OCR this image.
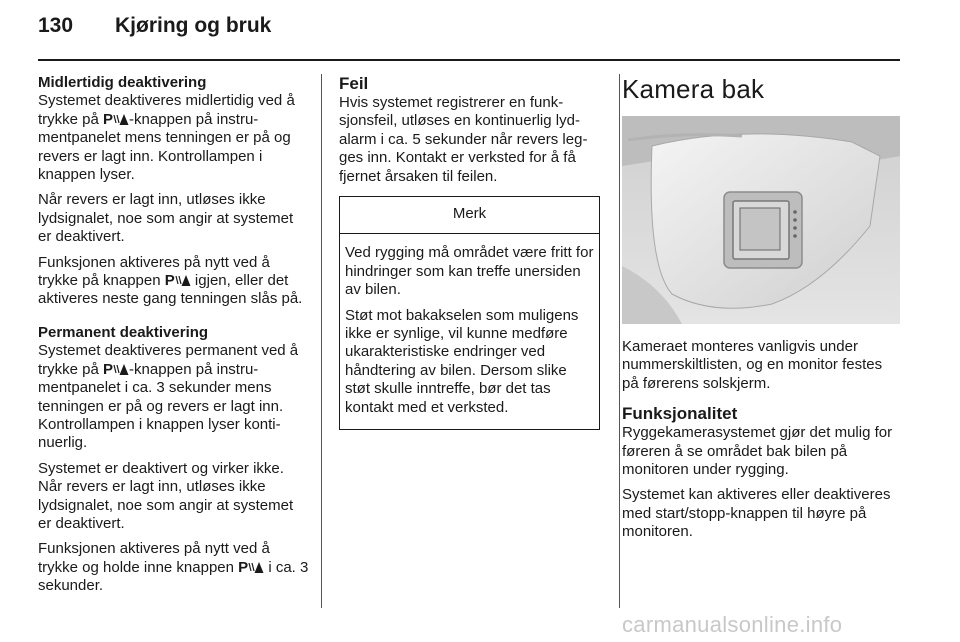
130 Kjøring og bruk
Midlertidig deaktivering

Systemet deaktiveres midlertidig ved å trykke på P -knappen på instrumentpanelet mens tenningen er på og revers er lagt inn. Kontrollampen i knappen lyser.

Når revers er lagt inn, utløses ikke lydsignalet, noe som angir at systemet er deaktivert.

Funksjonen aktiveres på nytt ved å trykke på knappen P igjen, eller det aktiveres neste gang tenningen slås på.

Permanent deaktivering

Systemet deaktiveres permanent ved å trykke på P -knappen på instrumentpanelet i ca. 3 sekunder mens tenningen er på og revers er lagt inn. Kontrollampen i knappen lyser kontinuerlig.

Systemet er deaktivert og virker ikke. Når revers er lagt inn, utløses ikke lydsignalet, noe som angir at systemet er deaktivert.

Funksjonen aktiveres på nytt ved å trykke og holde inne knappen P i ca. 3 sekunder.

Feil

Hvis systemet registrerer en funksjonsfeil, utløses en kontinuerlig lydalarm i ca. 5 sekunder når revers legges inn. Kontakt er verksted for å få fjernet årsaken til feilen.

Merk

Ved rygging må området være fritt for hindringer som kan treffe unersiden av bilen.

Støt mot bakakselen som muligens ikke er synlige, vil kunne medføre ukarakteristiske endringer ved håndtering av bilen. Dersom slike støt skulle inntreffe, bør det tas kontakt med et verksted.

Kamera bak

Kameraet monteres vanligvis under nummerskiltlisten, og en monitor festes på førerens solskjerm.

Funksjonalitet

Ryggekamerasystemet gjør det mulig for føreren å se området bak bilen på monitoren under rygging.

Systemet kan aktiveres eller deaktiveres med start/stopp-knappen til høyre på monitoren.

carmanualsonline.info
